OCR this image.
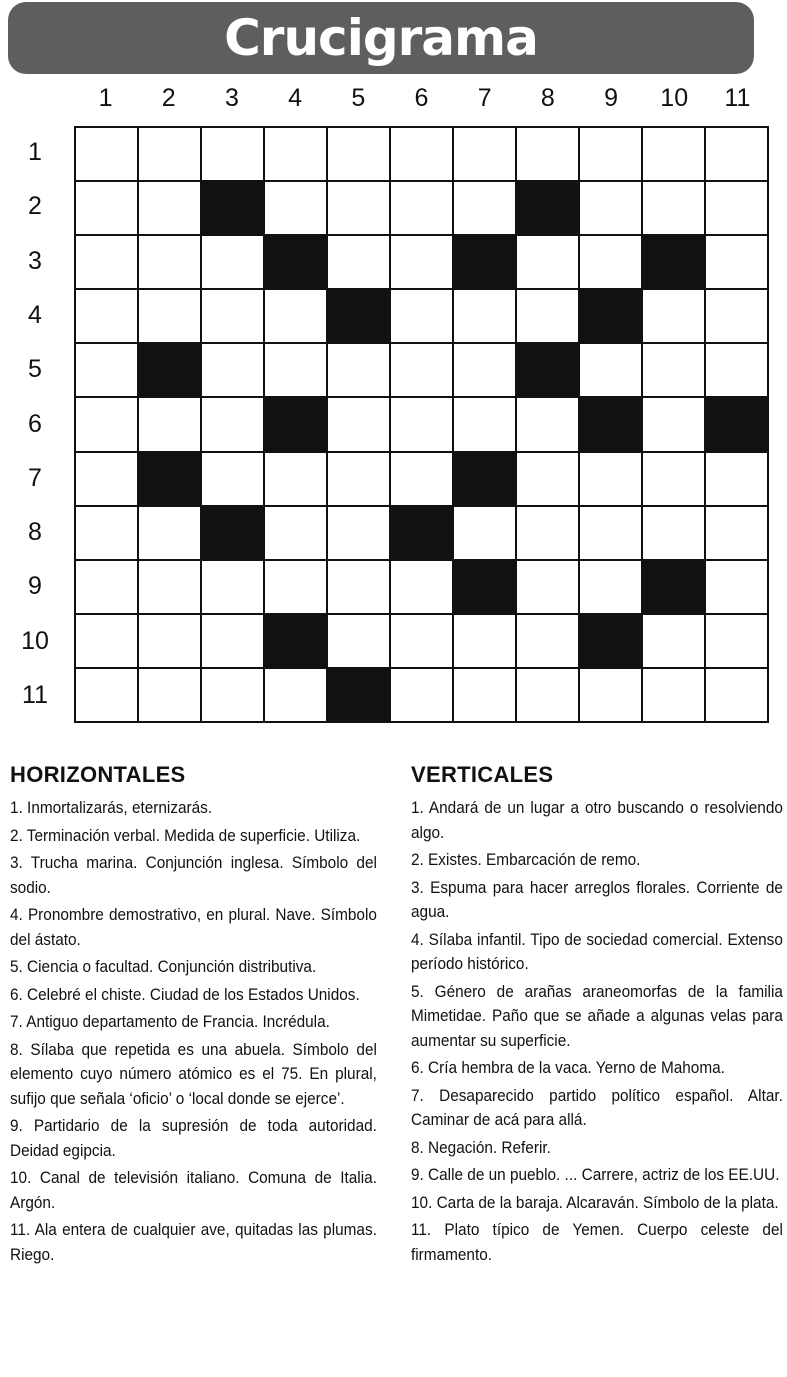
Crucigrama
1	2	3	4	5	6	7	8	9	10	11
1
2
3
4
5
6
7
8
9
10
11
HORIZONTALES
1. Inmortalizarás, eternizarás.
2. Terminación verbal. Medida de superficie. Utiliza.
3. Trucha marina. Conjunción inglesa. Símbolo del sodio.
4. Pronombre demostrativo, en plural. Nave. Símbolo del ástato.
5. Ciencia o facultad. Conjunción distributiva.
6. Celebré el chiste. Ciudad de los Estados Unidos.
7. Antiguo departamento de Francia. Incrédula.
8. Sílaba que repetida es una abuela. Símbolo del elemento cuyo número atómico es el 75. En plural, sufijo que señala ‘oficio’ o ‘local donde se ejerce’.
9. Partidario de la supresión de toda autoridad. Deidad egipcia.
10. Canal de televisión italiano. Comuna de Italia. Argón.
11. Ala entera de cualquier ave, quitadas las plumas. Riego.
VERTICALES
1. Andará de un lugar a otro buscando o resolviendo algo.
2. Existes. Embarcación de remo.
3. Espuma para hacer arreglos florales. Corriente de agua.
4. Sílaba infantil. Tipo de sociedad comercial. Extenso período histórico.
5. Género de arañas araneomorfas de la familia Mimetidae. Paño que se añade a algunas velas para aumentar su superficie.
6. Cría hembra de la vaca. Yerno de Mahoma.
7. Desaparecido partido político español. Altar. Caminar de acá para allá.
8. Negación. Referir.
9. Calle de un pueblo. ... Carrere, actriz de los EE.UU.
10. Carta de la baraja. Alcaraván. Símbolo de la plata.
11. Plato típico de Yemen. Cuerpo celeste del firmamento.
